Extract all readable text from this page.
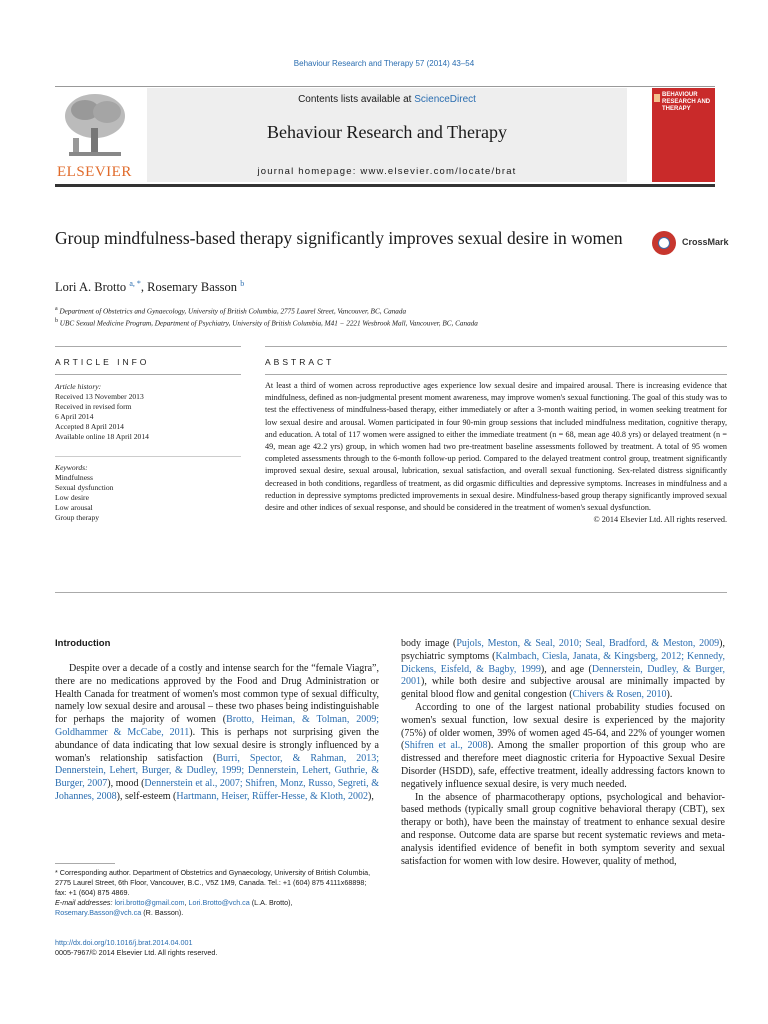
Behaviour Research and Therapy 57 (2014) 43–54
ELSEVIER
Contents lists available at ScienceDirect
Behaviour Research and Therapy
journal homepage: www.elsevier.com/locate/brat
BEHAVIOUR
RESEARCH AND
THERAPY
Group mindfulness-based therapy significantly improves sexual desire in women	CrossMark
Lori A. Brotto $^{a, *}$, Rosemary Basson $^b$
$^a$ Department of Obstetrics and Gynaecology, University of British Columbia, 2775 Laurel Street, Vancouver, BC, Canada
$^b$ UBC Sexual Medicine Program, Department of Psychiatry, University of British Columbia, M41 − 2221 Wesbrook Mall, Vancouver, BC, Canada
ARTICLE INFO	ABSTRACT
Article history:
Received 13 November 2013
Received in revised form
6 April 2014
Accepted 8 April 2014
Available online 18 April 2014
Keywords:
Mindfulness
Sexual dysfunction
Low desire
Low arousal
Group therapy
At least a third of women across reproductive ages experience low sexual desire and impaired arousal. There is increasing evidence that mindfulness, defined as non-judgmental present moment awareness, may improve women's sexual functioning. The goal of this study was to test the effectiveness of mindfulness-based therapy, either immediately or after a 3-month waiting period, in women seeking treatment for low sexual desire and arousal. Women participated in four 90-min group sessions that included mindfulness meditation, cognitive therapy, and education. A total of 117 women were assigned to either the immediate treatment (n = 68, mean age 40.8 yrs) or delayed treatment (n = 49, mean age 42.2 yrs) group, in which women had two pre-treatment baseline assessments followed by treatment. A total of 95 women completed assessments through to the 6-month follow-up period. Compared to the delayed treatment control group, treatment significantly improved sexual desire, sexual arousal, lubrication, sexual satisfaction, and overall sexual functioning. Sex-related distress significantly decreased in both conditions, regardless of treatment, as did orgasmic difficulties and depressive symptoms. Increases in mindfulness and a reduction in depressive symptoms predicted improvements in sexual desire. Mindfulness-based group therapy significantly improved sexual desire and other indices of sexual response, and should be considered in the treatment of women's sexual dysfunction.
© 2014 Elsevier Ltd. All rights reserved.
Introduction

Despite over a decade of a costly and intense search for the “female Viagra”, there are no medications approved by the Food and Drug Administration or Health Canada for treatment of women's most common type of sexual difficulty, namely low sexual desire and arousal – these two phases being indistinguishable for perhaps the majority of women (Brotto, Heiman, & Tolman, 2009; Goldhammer & McCabe, 2011). This is perhaps not surprising given the abundance of data indicating that low sexual desire is strongly influenced by a woman's relationship satisfaction (Burri, Spector, & Rahman, 2013; Dennerstein, Lehert, Burger, & Dudley, 1999; Dennerstein, Lehert, Guthrie, & Burger, 2007), mood (Dennerstein et al., 2007; Shifren, Monz, Russo, Segreti, & Johannes, 2008), self-esteem (Hartmann, Heiser, Rüffer-Hesse, & Kloth, 2002),

* Corresponding author. Department of Obstetrics and Gynaecology, University of British Columbia, 2775 Laurel Street, 6th Floor, Vancouver, B.C., V5Z 1M9, Canada. Tel.: +1 (604) 875 4111x68898; fax: +1 (604) 875 4869.
E-mail addresses: lori.brotto@gmail.com, Lori.Brotto@vch.ca (L.A. Brotto), Rosemary.Basson@vch.ca (R. Basson).
http://dx.doi.org/10.1016/j.brat.2014.04.001
0005-7967/© 2014 Elsevier Ltd. All rights reserved.

body image (Pujols, Meston, & Seal, 2010; Seal, Bradford, & Meston, 2009), psychiatric symptoms (Kalmbach, Ciesla, Janata, & Kingsberg, 2012; Kennedy, Dickens, Eisfeld, & Bagby, 1999), and age (Dennerstein, Dudley, & Burger, 2001), while both desire and subjective arousal are minimally impacted by genital blood flow and genital congestion (Chivers & Rosen, 2010).

According to one of the largest national probability studies focused on women's sexual function, low sexual desire is experienced by the majority (75%) of older women, 39% of women aged 45-64, and 22% of younger women (Shifren et al., 2008). Among the smaller proportion of this group who are distressed and therefore meet diagnostic criteria for Hypoactive Sexual Desire Disorder (HSDD), safe, effective treatment, ideally addressing factors known to negatively influence sexual desire, is very much needed.

In the absence of pharmacotherapy options, psychological and behavior-based methods (typically small group cognitive behavioral therapy (CBT), sex therapy or both), have been the mainstay of treatment to enhance sexual desire and response. Outcome data are sparse but recent systematic reviews and meta-analysis identified evidence of benefit in both symptom severity and sexual satisfaction for women with low desire. However, quality of method,
